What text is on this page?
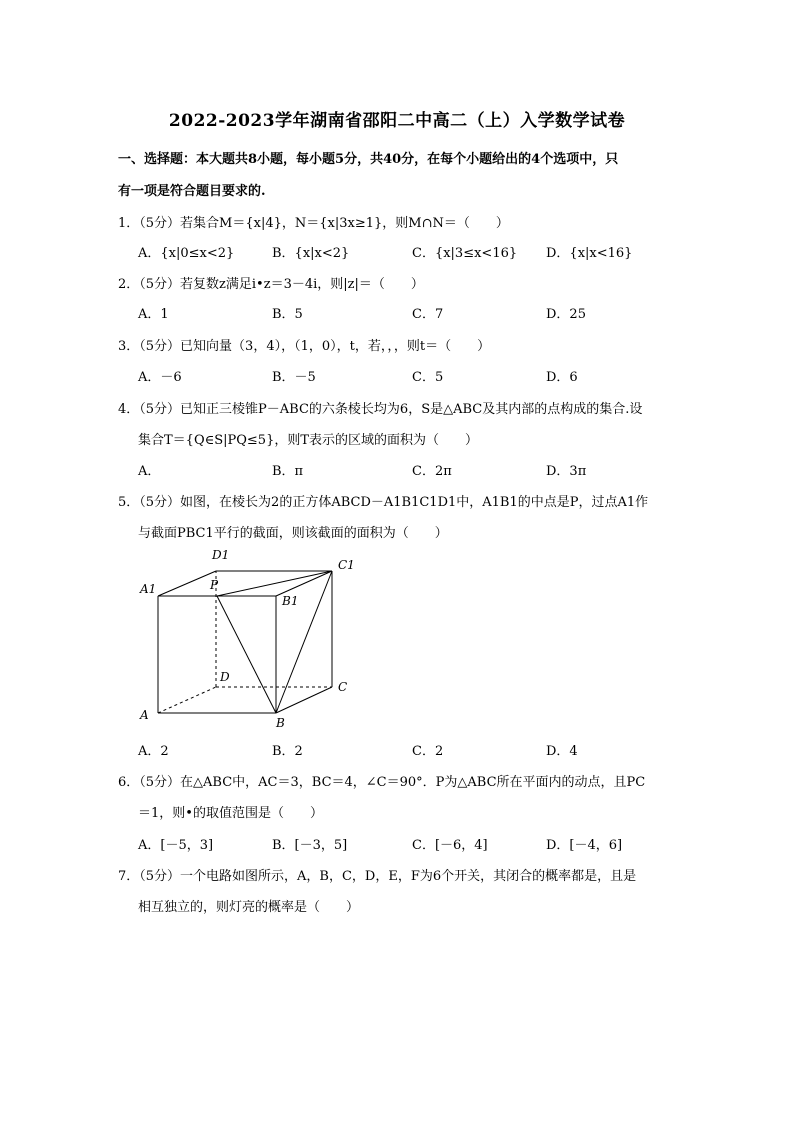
2022-2023学年湖南省邵阳二中高二（上）入学数学试卷
一、选择题：本大题共8小题，每小题5分，共40分，在每个小题给出的4个选项中，只
有一项是符合题目要求的.
1．（5分）若集合M＝{x|4}，N＝{x|3x≥1}，则M∩N＝（　　）
A．{x|0≤x<2}	B．{x|x<2}	C．{x|3≤x<16} D．{x|x<16}
2．（5分）若复数z满足i•z＝3－4i，则|z|＝（　　）
A．1	B．5	C．7	D．25
3．（5分）已知向量（3，4），（1，0），t，若，，，则t＝（　　）
A．－6	B．－5	C．5	D．6
4．（5分）已知正三棱锥P－ABC的六条棱长均为6，S是△ABC及其内部的点构成的集合.设
集合T＝{Q∈S|PQ≤5}，则T表示的区域的面积为（　　）
A．	B．π	C．2π	D．3π
5．（5分）如图，在棱长为2的正方体ABCD－A1B1C1D1中，A1B1的中点是P，过点A1作
与截面PBC1平行的截面，则该截面的面积为（　　）
D1
C1
A1	P
B1
D
C
A
B
A．2	B．2	C．2	D．4
6．（5分）在△ABC中，AC＝3，BC＝4，∠C＝90°．P为△ABC所在平面内的动点，且PC
＝1，则•的取值范围是（　　）
A．[－5，3]	B．[－3，5]	C．[－6，4]	D．[－4，6]
7．（5分）一个电路如图所示，A，B，C，D，E，F为6个开关，其闭合的概率都是，且是
相互独立的，则灯亮的概率是（　　）
